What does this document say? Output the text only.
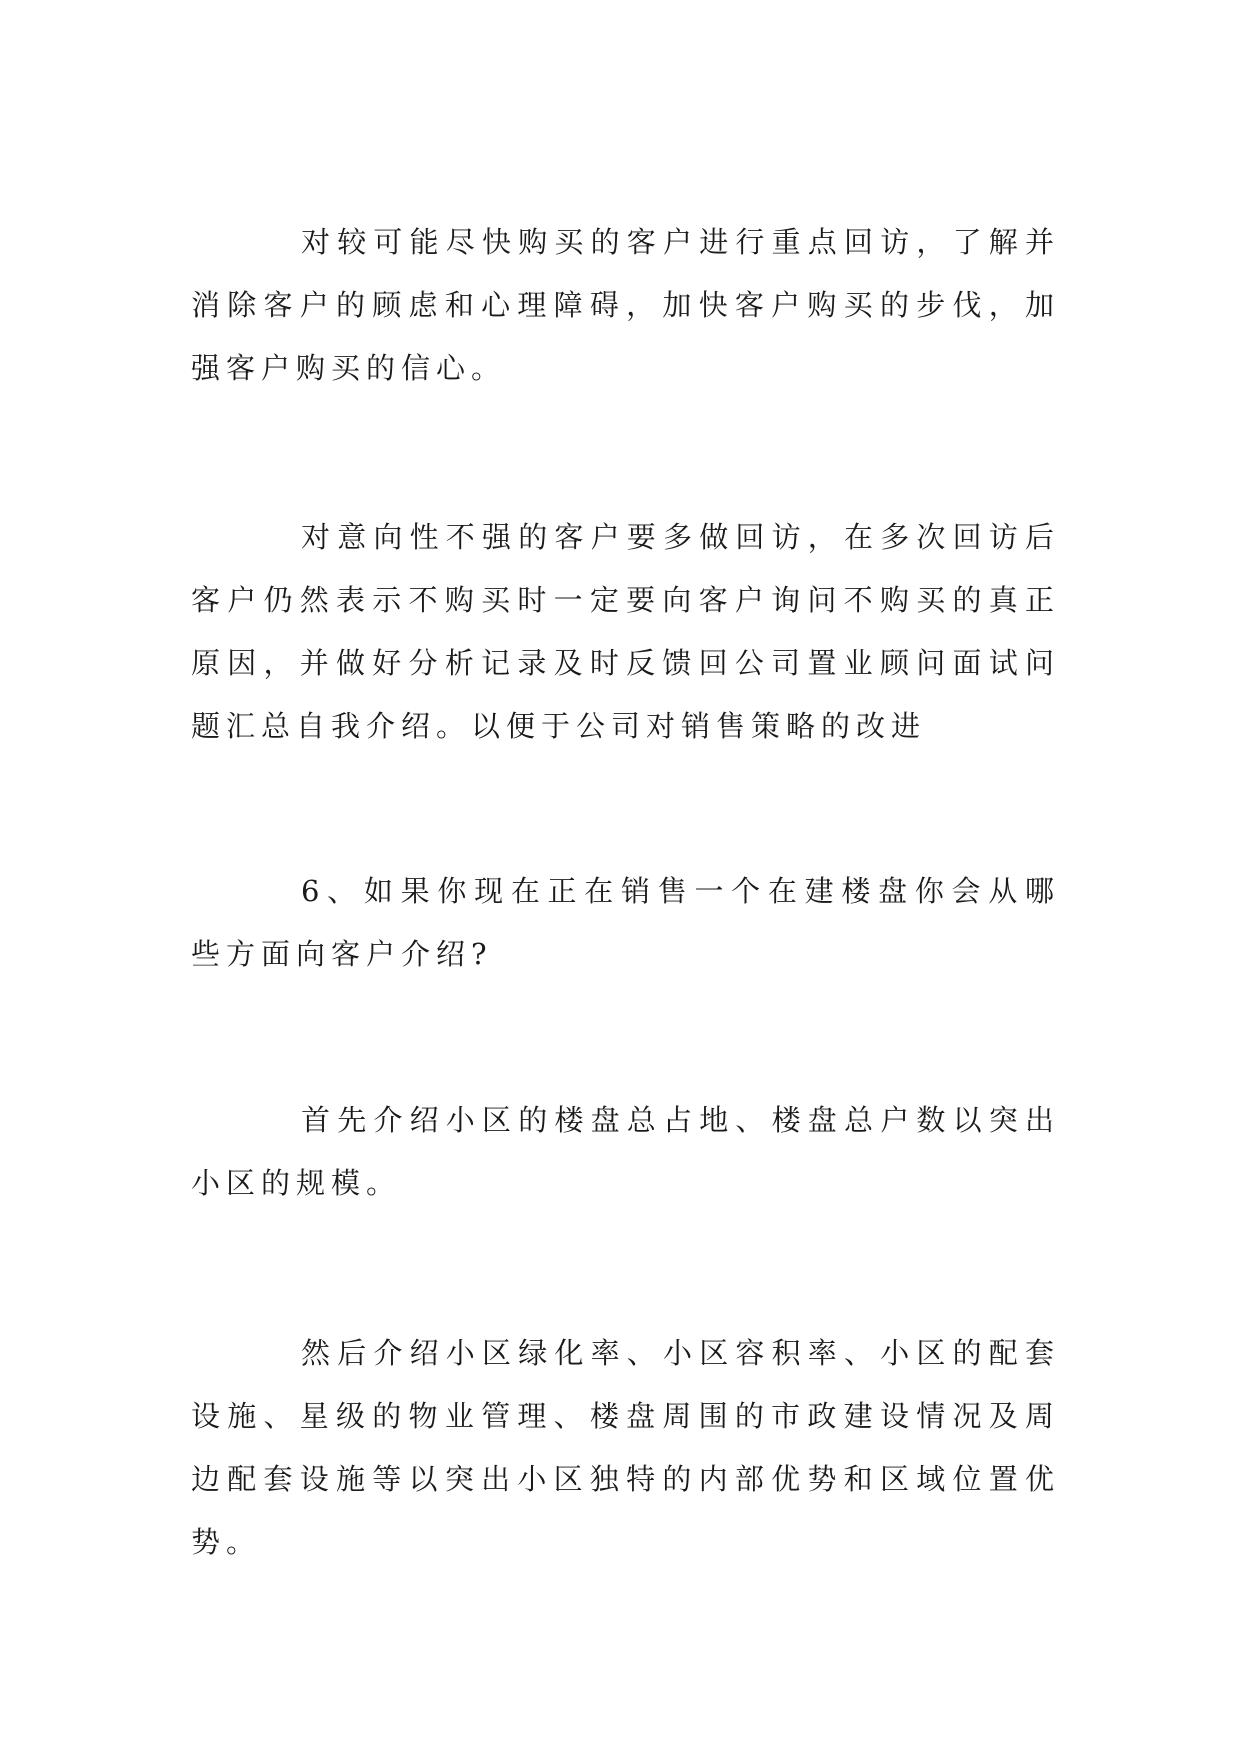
对较可能尽快购买的客户进行重点回访，了解并消除客户的顾虑和心理障碍，加快客户购买的步伐，加强客户购买的信心。

对意向性不强的客户要多做回访，在多次回访后客户仍然表示不购买时一定要向客户询问不购买的真正原因，并做好分析记录及时反馈回公司置业顾问面试问题汇总自我介绍。以便于公司对销售策略的改进

6、如果你现在正在销售一个在建楼盘你会从哪些方面向客户介绍?

首先介绍小区的楼盘总占地、楼盘总户数以突出小区的规模。

然后介绍小区绿化率、小区容积率、小区的配套设施、星级的物业管理、楼盘周围的市政建设情况及周边配套设施等以突出小区独特的内部优势和区域位置优势。
